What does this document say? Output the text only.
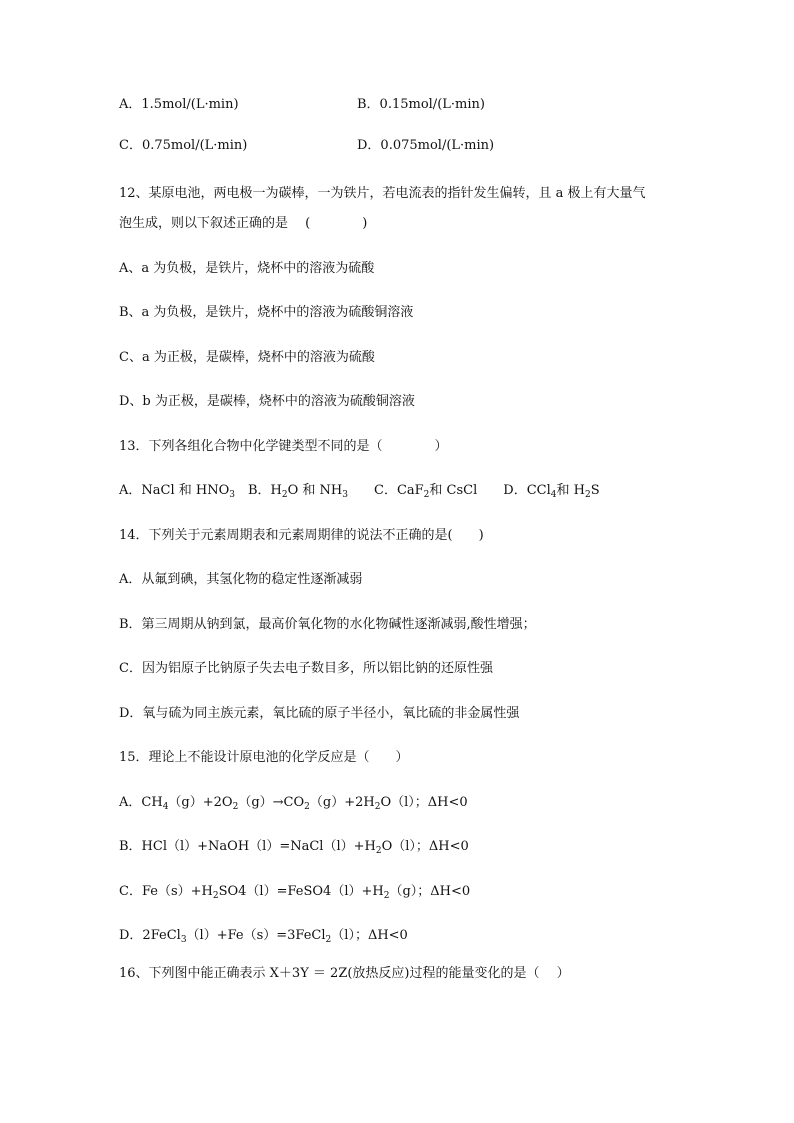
A．1.5mol/(L·min)	B．0.15mol/(L·min)
C．0.75mol/(L·min)	D．0.075mol/(L·min)
12、某原电池，两电极一为碳棒，一为铁片，若电流表的指针发生偏转，且 a 极上有大量气
泡生成，则以下叙述正确的是　 (　　　　)
A、a 为负极，是铁片，烧杯中的溶液为硫酸
B、a 为负极，是铁片，烧杯中的溶液为硫酸铜溶液
C、a 为正极，是碳棒，烧杯中的溶液为硫酸
D、b 为正极，是碳棒，烧杯中的溶液为硫酸铜溶液
13．下列各组化合物中化学键类型不同的是（　　　　）
A．NaCl 和 $HNO_3$　B．$H_2O$ 和 $NH_3$　　C．CaF$_2$和 CsCl　　D．CCl$_4$和 $H_2S$
14．下列关于元素周期表和元素周期律的说法不正确的是(　　)
A．从氟到碘，其氢化物的稳定性逐渐减弱
B．第三周期从钠到氯，最高价氧化物的水化物碱性逐渐减弱,酸性增强；
C．因为铝原子比钠原子失去电子数目多，所以铝比钠的还原性强
D．氧与硫为同主族元素，氧比硫的原子半径小，氧比硫的非金属性强
15．理论上不能设计原电池的化学反应是（　　）
A．$CH_4(g)+2O_2(g)\to CO_2(g)+2H_2O(l)$；ΔH<0
B．$HCl(l)+NaOH(l)=NaCl(l)+H_2O(l)$；ΔH<0
C．$Fe(s)+H_2SO4(l)=FeSO4(l)+H_2(g)$；ΔH<0
D．2FeCl$_3$（l）+Fe（s）=3FeCl$_2$（l）；ΔH<0
16、下列图中能正确表示 X＋3Y ＝ 2Z(放热反应)过程的能量变化的是（　 ）
